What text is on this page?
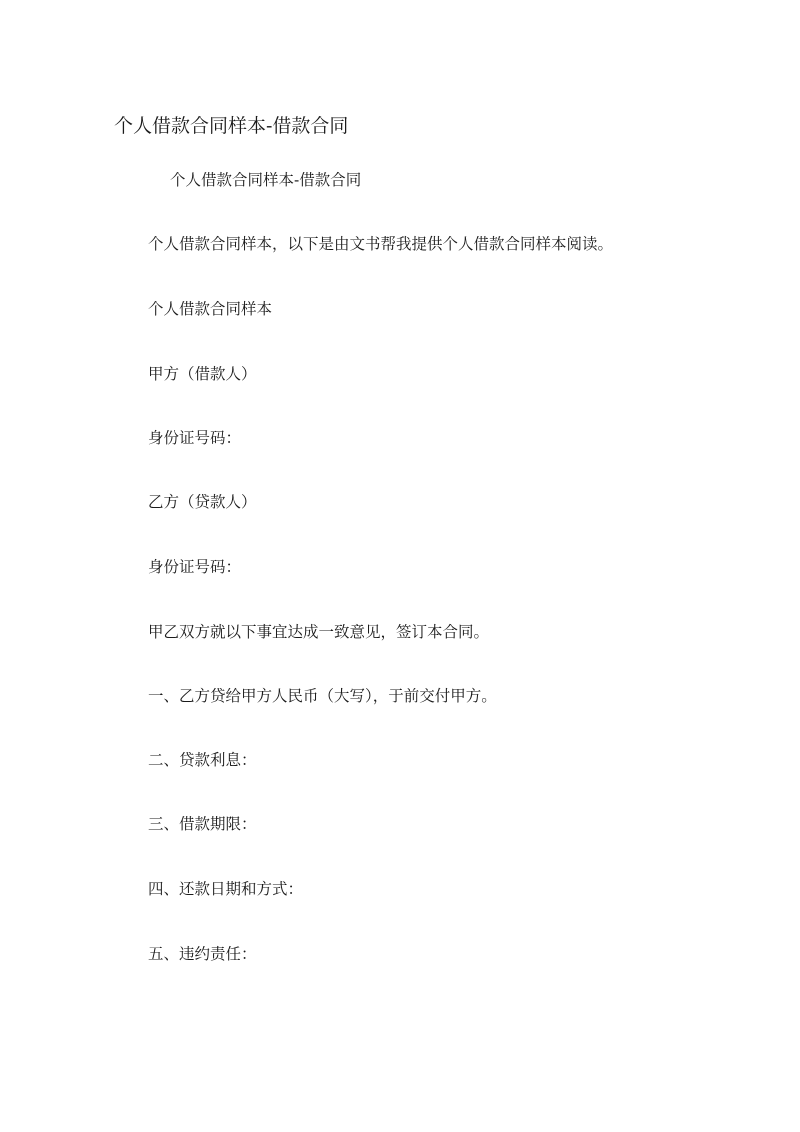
个人借款合同样本-借款合同
个人借款合同样本-借款合同
个人借款合同样本，以下是由文书帮我提供个人借款合同样本阅读。
个人借款合同样本
甲方（借款人）
身份证号码：
乙方（贷款人）
身份证号码：
甲乙双方就以下事宜达成一致意见，签订本合同。
一、乙方贷给甲方人民币（大写），于前交付甲方。
二、贷款利息：
三、借款期限：
四、还款日期和方式：
五、违约责任：
